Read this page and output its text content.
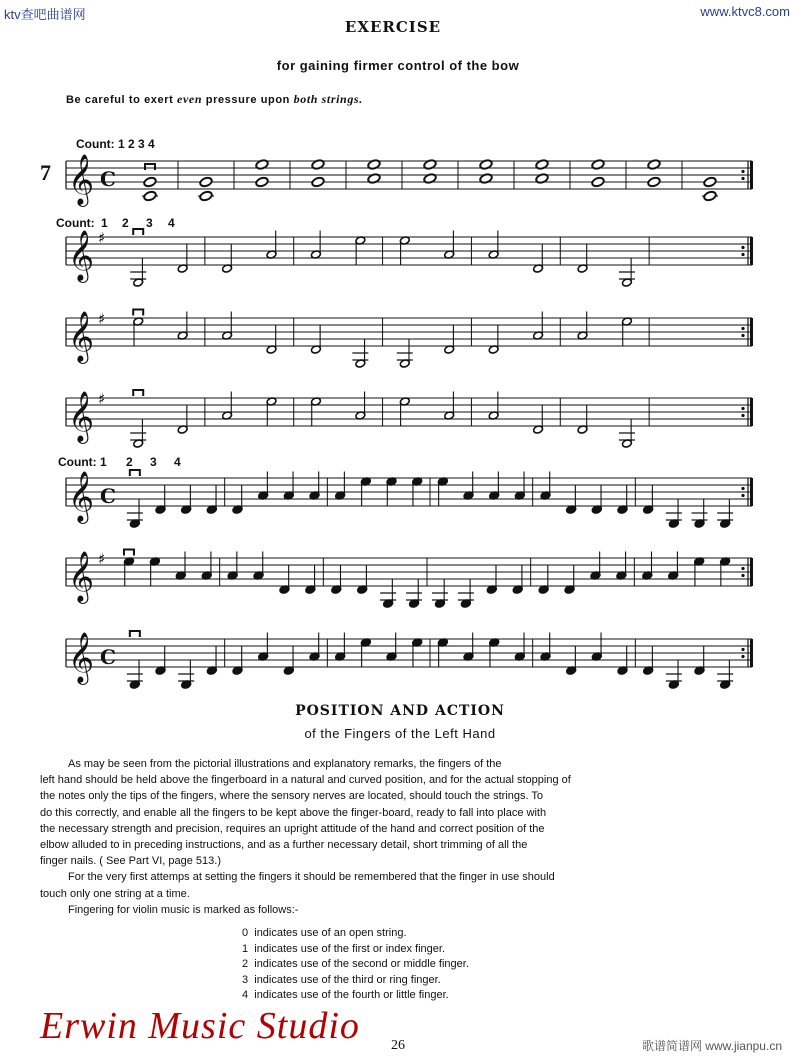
ktv查吧曲谱网	www.ktvc8.com
EXERCISE
for gaining firmer control of the bow
Be careful to exert even pressure upon both strings.
7
Count: 1 2 3 4
Count: 1 2 3 4
Count: 1 2 3 4
𝄞 C
𝄞 ♯
𝄞 ♯
𝄞 ♯
𝄞 C
𝄞 ♯
𝄞 C
POSITION AND ACTION
of the Fingers of the Left Hand
As may be seen from the pictorial illustrations and explanatory remarks, the fingers of the
left hand should be held above the fingerboard in a natural and curved position, and for the actual stopping of
the notes only the tips of the fingers, where the sensory nerves are located, should touch the strings. To
do this correctly, and enable all the fingers to be kept above the finger-board, ready to fall into place with
the necessary strength and precision, requires an upright attitude of the hand and correct position of the
elbow alluded to in preceding instructions, and as a further necessary detail, short trimming of all the
finger nails. ( See Part VI, page 513.)
For the very first attemps at setting the fingers it should be remembered that the finger in use should
touch only one string at a time.
Fingering for violin music is marked as follows:-
0 indicates use of an open string.
1 indicates use of the first or index finger.
2 indicates use of the second or middle finger.
3 indicates use of the third or ring finger.
4 indicates use of the fourth or little finger.
Erwin Music Studio 26	歌谱简谱网 www.jianpu.cn
